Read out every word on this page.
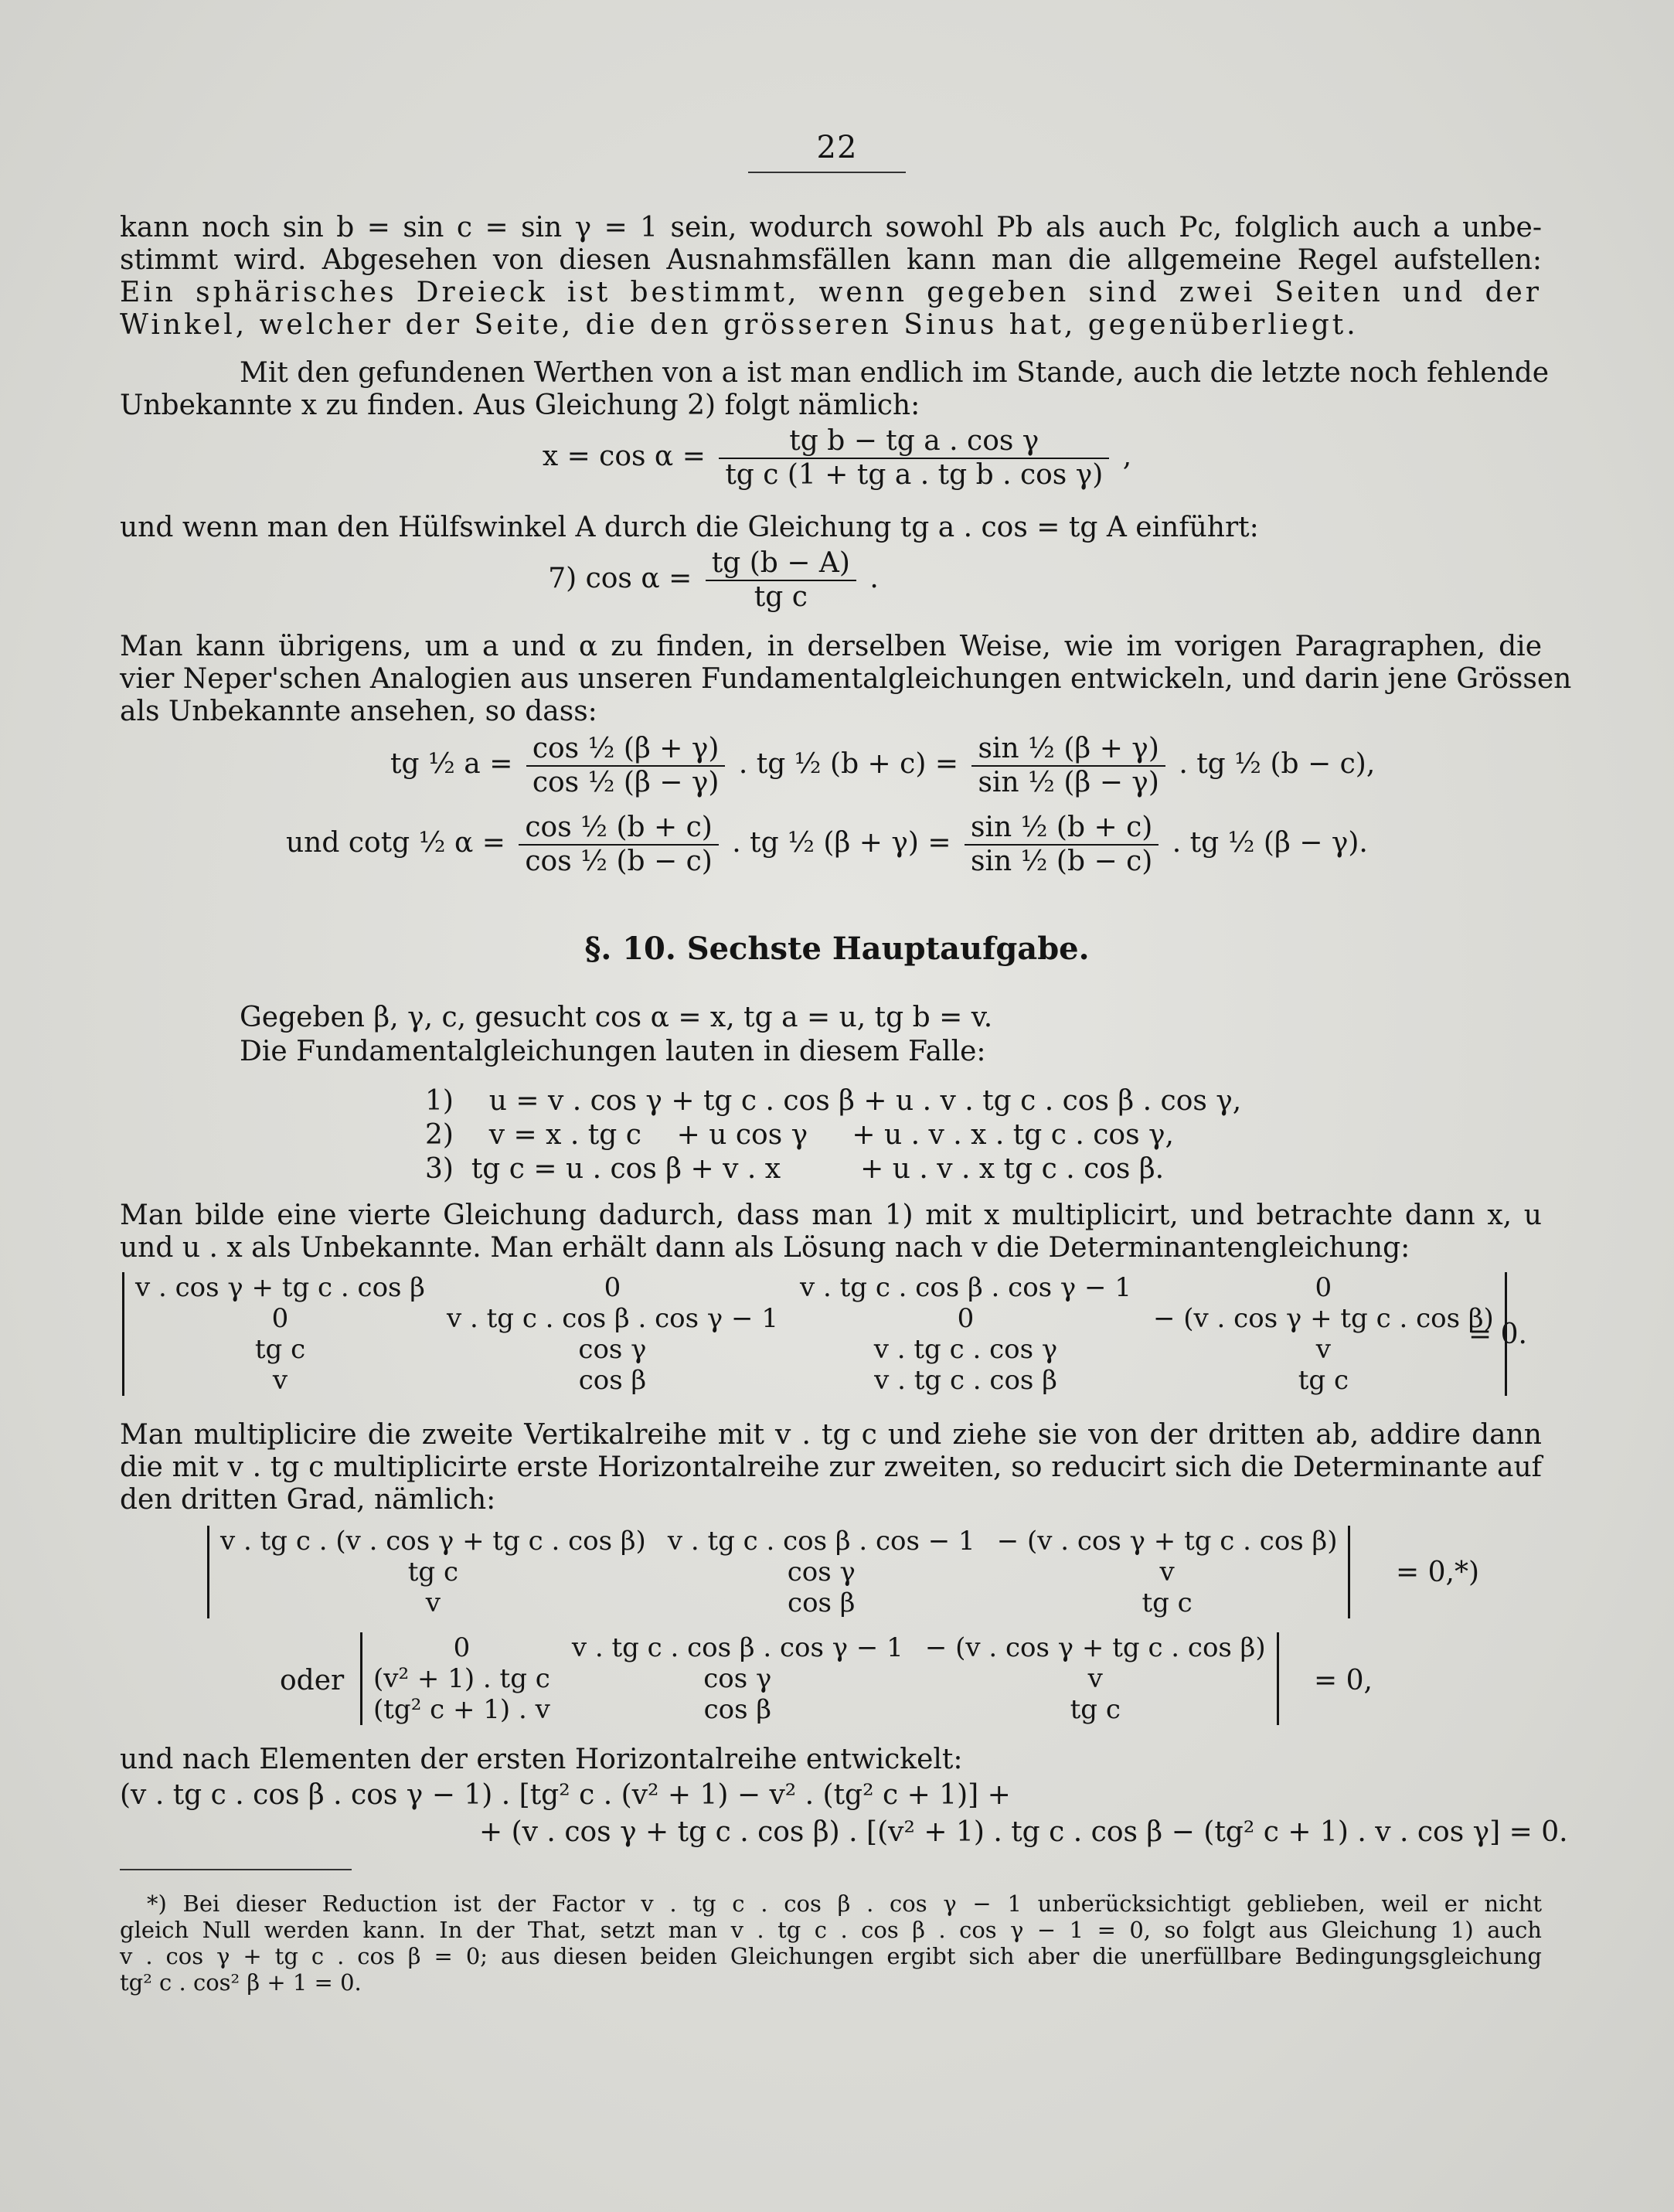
22
kann noch sin b = sin c = sin γ = 1 sein, wodurch sowohl Pb als auch Pc, folglich auch a unbe-
stimmt wird. Abgesehen von diesen Ausnahmsfällen kann man die allgemeine Regel aufstellen:
Ein sphärisches Dreieck ist bestimmt, wenn gegeben sind zwei Seiten und der
Winkel, welcher der Seite, die den grösseren Sinus hat, gegenüberliegt.
Mit den gefundenen Werthen von a ist man endlich im Stande, auch die letzte noch fehlende
Unbekannte x zu finden. Aus Gleichung 2) folgt nämlich:
$x = \cos \alpha = \frac{\text{tg b − tg a . cos γ}}{\text{tg c (1 + tg a . tg b . cos γ)}}$ ,
und wenn man den Hülfswinkel A durch die Gleichung tg a . cos = tg A einführt:
7) $\cos \alpha = \frac{tg (b - A)}{\text{tg c}}$ .
Man kann übrigens, um a und α zu finden, in derselben Weise, wie im vorigen Paragraphen, die
vier Neper'schen Analogien aus unseren Fundamentalgleichungen entwickeln, und darin jene Grössen
als Unbekannte ansehen, so dass:
tg ½ $a = \frac{\text{cos ½ (β + γ)}}{\text{cos ½ (β − γ)}}$ . tg ½ $(b + c) = \frac{\text{sin ½ (β + γ)}}{\text{sin ½ (β − γ)}}$ . tg ½ (b − c),
und cotg ½ $\alpha = \frac{\text{cos ½ (b + c)}}{\text{cos ½ (b − c)}}$ . tg ½ $(\beta + \gamma) = \frac{\text{sin ½ (b + c)}}{\text{sin ½ (b − c)}}$ . tg ½ (β − γ).
§. 10. Sechste Hauptaufgabe.
Gegeben β, γ, c, gesucht cos α = x, tg a = u, tg b = v.
Die Fundamentalgleichungen lauten in diesem Falle:
1)    u = v . cos γ + tg c . cos β + u . v . tg c . cos β . cos γ,
2)    v = x . tg c    + u cos γ     + u . v . x . tg c . cos γ,
3)  tg c = u . cos β + v . x         + u . v . x tg c . cos β.
Man bilde eine vierte Gleichung dadurch, dass man 1) mit x multiplicirt, und betrachte dann x, u
und u . x als Unbekannte. Man erhält dann als Lösung nach v die Determinantengleichung:
v . cos γ + tg c . cos β	0	v . tg c . cos β . cos γ − 1	0
0	v . tg c . cos β . cos γ − 1	0	− (v . cos γ + tg c . cos β)
tg c	cos γ	v . tg c . cos γ	v
v	cos β	v . tg c . cos β	tg c
= 0.
Man multiplicire die zweite Vertikalreihe mit v . tg c und ziehe sie von der dritten ab, addire dann
die mit v . tg c multiplicirte erste Horizontalreihe zur zweiten, so reducirt sich die Determinante auf
den dritten Grad, nämlich:
v . tg c . (v . cos γ + tg c . cos β)	v . tg c . cos β . cos − 1	− (v . cos γ + tg c . cos β)
tg c	cos γ	v
v	cos β	tg c
= 0,*)
oder
0	v . tg c . cos β . cos γ − 1	− (v . cos γ + tg c . cos β)
(v² + 1) . tg c	cos γ	v
(tg² c + 1) . v	cos β	tg c
= 0,
und nach Elementen der ersten Horizontalreihe entwickelt:
(v . tg c . cos β . cos γ − 1) . [tg² c . (v² + 1) − v² . (tg² c + 1)] +
+ (v . cos γ + tg c . cos β) . [(v² + 1) . tg c . cos β − (tg² c + 1) . v . cos γ] = 0.
*) Bei dieser Reduction ist der Factor v . tg c . cos β . cos γ − 1 unberücksichtigt geblieben, weil er nicht
gleich Null werden kann. In der That, setzt man v . tg c . cos β . cos γ − 1 = 0, so folgt aus Gleichung 1) auch
v . cos γ + tg c . cos β = 0; aus diesen beiden Gleichungen ergibt sich aber die unerfüllbare Bedingungsgleichung
tg² c . cos² β + 1 = 0.
